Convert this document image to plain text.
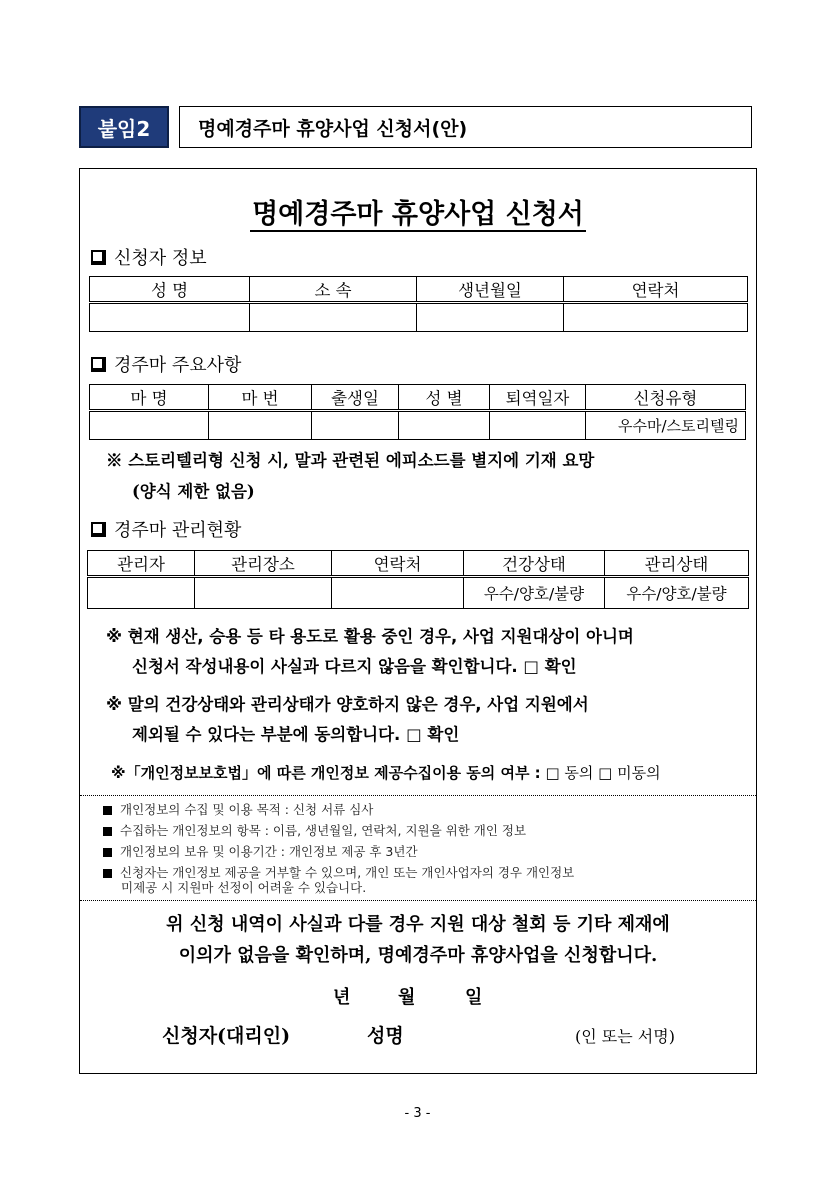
붙임2	명예경주마 휴양사업 신청서(안)
명예경주마 휴양사업 신청서
신청자 정보
성 명	소 속	생년월일	연락처

경주마 주요사항
마 명	마 번	출생일	성 별	퇴역일자	신청유형
					우수마/스토리텔링
※ 스토리텔리형 신청 시, 말과 관련된 에피소드를 별지에 기재 요망
(양식 제한 없음)
경주마 관리현황
관리자	관리장소	연락처	건강상태	관리상태
			우수/양호/불량	우수/양호/불량
※ 현재 생산, 승용 등 타 용도로 활용 중인 경우, 사업 지원대상이 아니며
신청서 작성내용이 사실과 다르지 않음을 확인합니다. □ 확인
※ 말의 건강상태와 관리상태가 양호하지 않은 경우, 사업 지원에서
제외될 수 있다는 부분에 동의합니다. □ 확인
※「개인정보보호법」에 따른 개인정보 제공수집이용 동의 여부 : □ 동의 □ 미동의
개인정보의 수집 및 이용 목적 : 신청 서류 심사
수집하는 개인정보의 항목 : 이름, 생년월일, 연락처, 지원을 위한 개인 정보
개인정보의 보유 및 이용기간 : 개인정보 제공 후 3년간
신청자는 개인정보 제공을 거부할 수 있으며, 개인 또는 개인사업자의 경우 개인정보
미제공 시 지원마 선정이 어려울 수 있습니다.
위 신청 내역이 사실과 다를 경우 지원 대상 철회 등 기타 제재에
이의가 없음을 확인하며, 명예경주마 휴양사업을 신청합니다.
년	월	일
신청자(대리인)	성명	(인 또는 서명)
- 3 -
